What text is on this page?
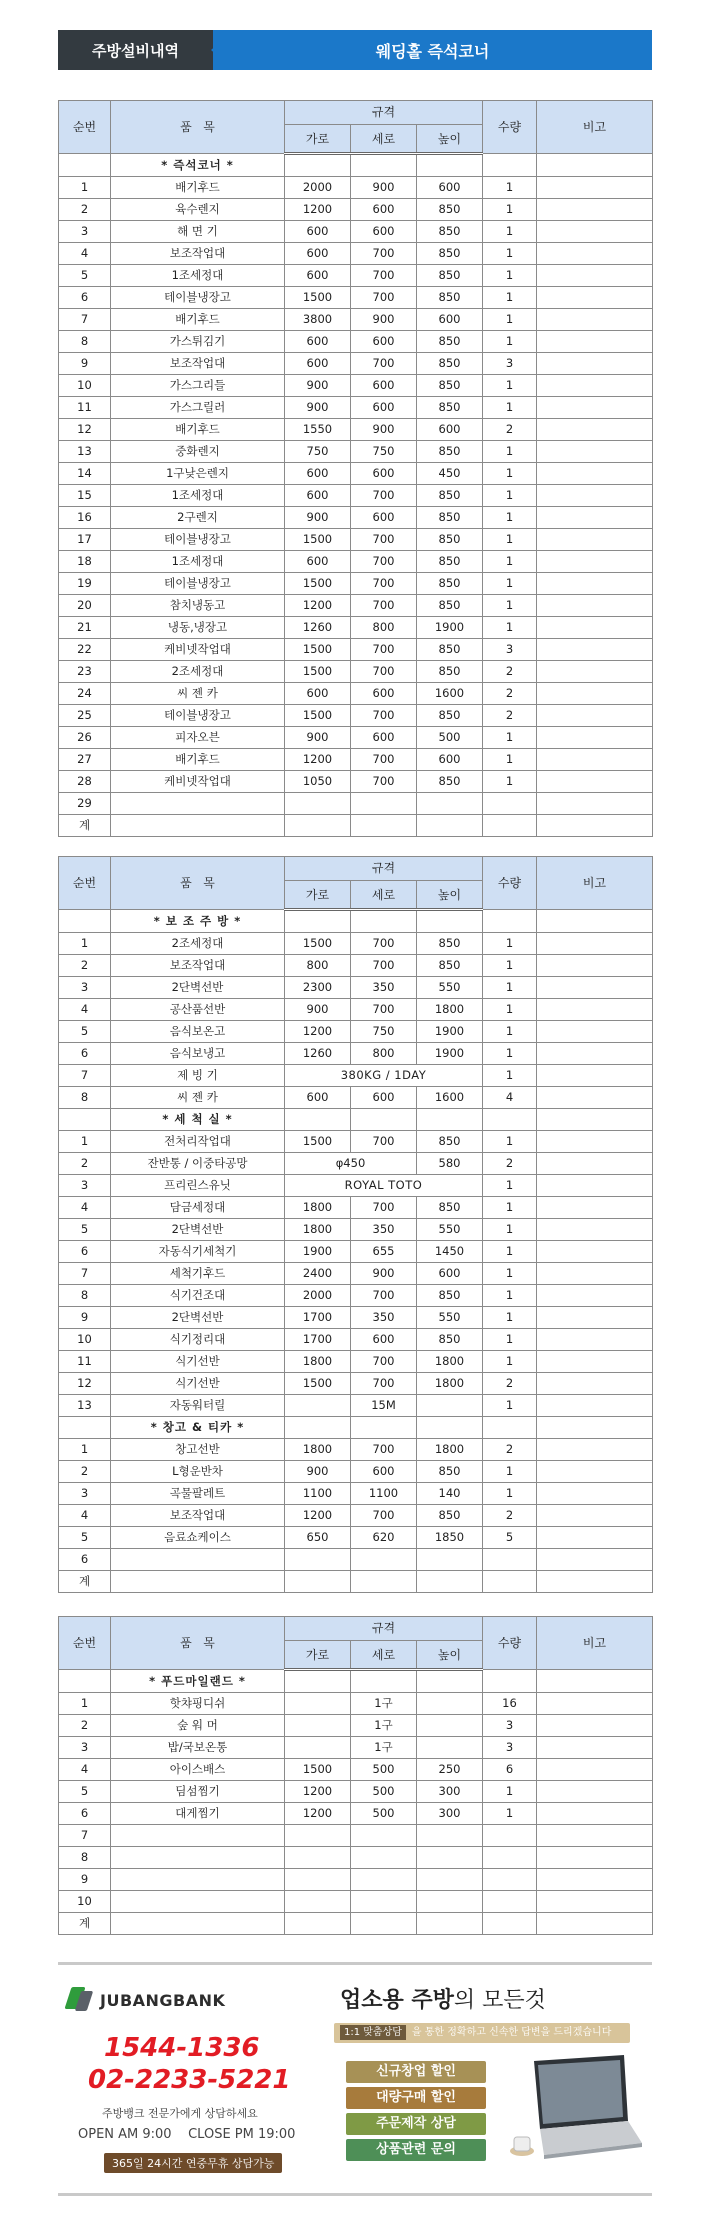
주방설비내역	웨딩홀 즉석코너
순번	품   목	규격			수량	비고
		가로	세로	높이		
	* 즉석코너 *					
1	배기후드	2000	900	600	1	
2	육수렌지	1200	600	850	1	
3	해 면 기	600	600	850	1	
4	보조작업대	600	700	850	1	
5	1조세정대	600	700	850	1	
6	테이블냉장고	1500	700	850	1	
7	배기후드	3800	900	600	1	
8	가스튀김기	600	600	850	1	
9	보조작업대	600	700	850	3	
10	가스그리들	900	600	850	1	
11	가스그릴러	900	600	850	1	
12	배기후드	1550	900	600	2	
13	중화렌지	750	750	850	1	
14	1구낮은렌지	600	600	450	1	
15	1조세정대	600	700	850	1	
16	2구렌지	900	600	850	1	
17	테이블냉장고	1500	700	850	1	
18	1조세정대	600	700	850	1	
19	테이블냉장고	1500	700	850	1	
20	참치냉동고	1200	700	850	1	
21	냉동,냉장고	1260	800	1900	1	
22	케비넷작업대	1500	700	850	3	
23	2조세정대	1500	700	850	2	
24	씨 젠 카	600	600	1600	2	
25	테이블냉장고	1500	700	850	2	
26	피자오븐	900	600	500	1	
27	배기후드	1200	700	600	1	
28	케비넷작업대	1050	700	850	1	
29						
계						
순번	품   목	규격			수량	비고
		가로	세로	높이		
	* 보 조 주 방 *					
1	2조세정대	1500	700	850	1	
2	보조작업대	800	700	850	1	
3	2단벽선반	2300	350	550	1	
4	공산품선반	900	700	1800	1	
5	음식보온고	1200	750	1900	1	
6	음식보냉고	1260	800	1900	1	
7	제 빙 기	380KG / 1DAY			1	
8	씨 젠 카	600	600	1600	4	
	* 세 척 실 *					
1	전처리작업대	1500	700	850	1	
2	잔반통 / 이중타공망	φ450		580	2	
3	프리린스유닛	ROYAL TOTO			1	
4	담금세정대	1800	700	850	1	
5	2단벽선반	1800	350	550	1	
6	자동식기세척기	1900	655	1450	1	
7	세척기후드	2400	900	600	1	
8	식기건조대	2000	700	850	1	
9	2단벽선반	1700	350	550	1	
10	식기정리대	1700	600	850	1	
11	식기선반	1800	700	1800	1	
12	식기선반	1500	700	1800	2	
13	자동워터릴		15M		1	
	* 창고 & 티카 *					
1	창고선반	1800	700	1800	2	
2	L형운반차	900	600	850	1	
3	곡물팔레트	1100	1100	140	1	
4	보조작업대	1200	700	850	2	
5	음료쇼케이스	650	620	1850	5	
6						
계						
순번	품   목	규격			수량	비고
		가로	세로	높이		
	* 푸드마일랜드 *					
1	핫챠핑디쉬		1구		16	
2	숲 워 머		1구		3	
3	밥/국보온통		1구		3	
4	아이스배스	1500	500	250	6	
5	딤섬찜기	1200	500	300	1	
6	대게찜기	1200	500	300	1	
7						
8						
9						
10						
계						
JUBANGBANK
1544-1336
02-2233-5221
주방뱅크 전문가에게 상담하세요
OPEN AM 9:00    CLOSE PM 19:00
365일 24시간 연중무휴 상담가능
업소용 주방의 모든것
1:1 맞춤상담 을 통한 정확하고 신속한 답변을 드리겠습니다
신규창업 할인
대량구매 할인
주문제작 상담
상품관련 문의
